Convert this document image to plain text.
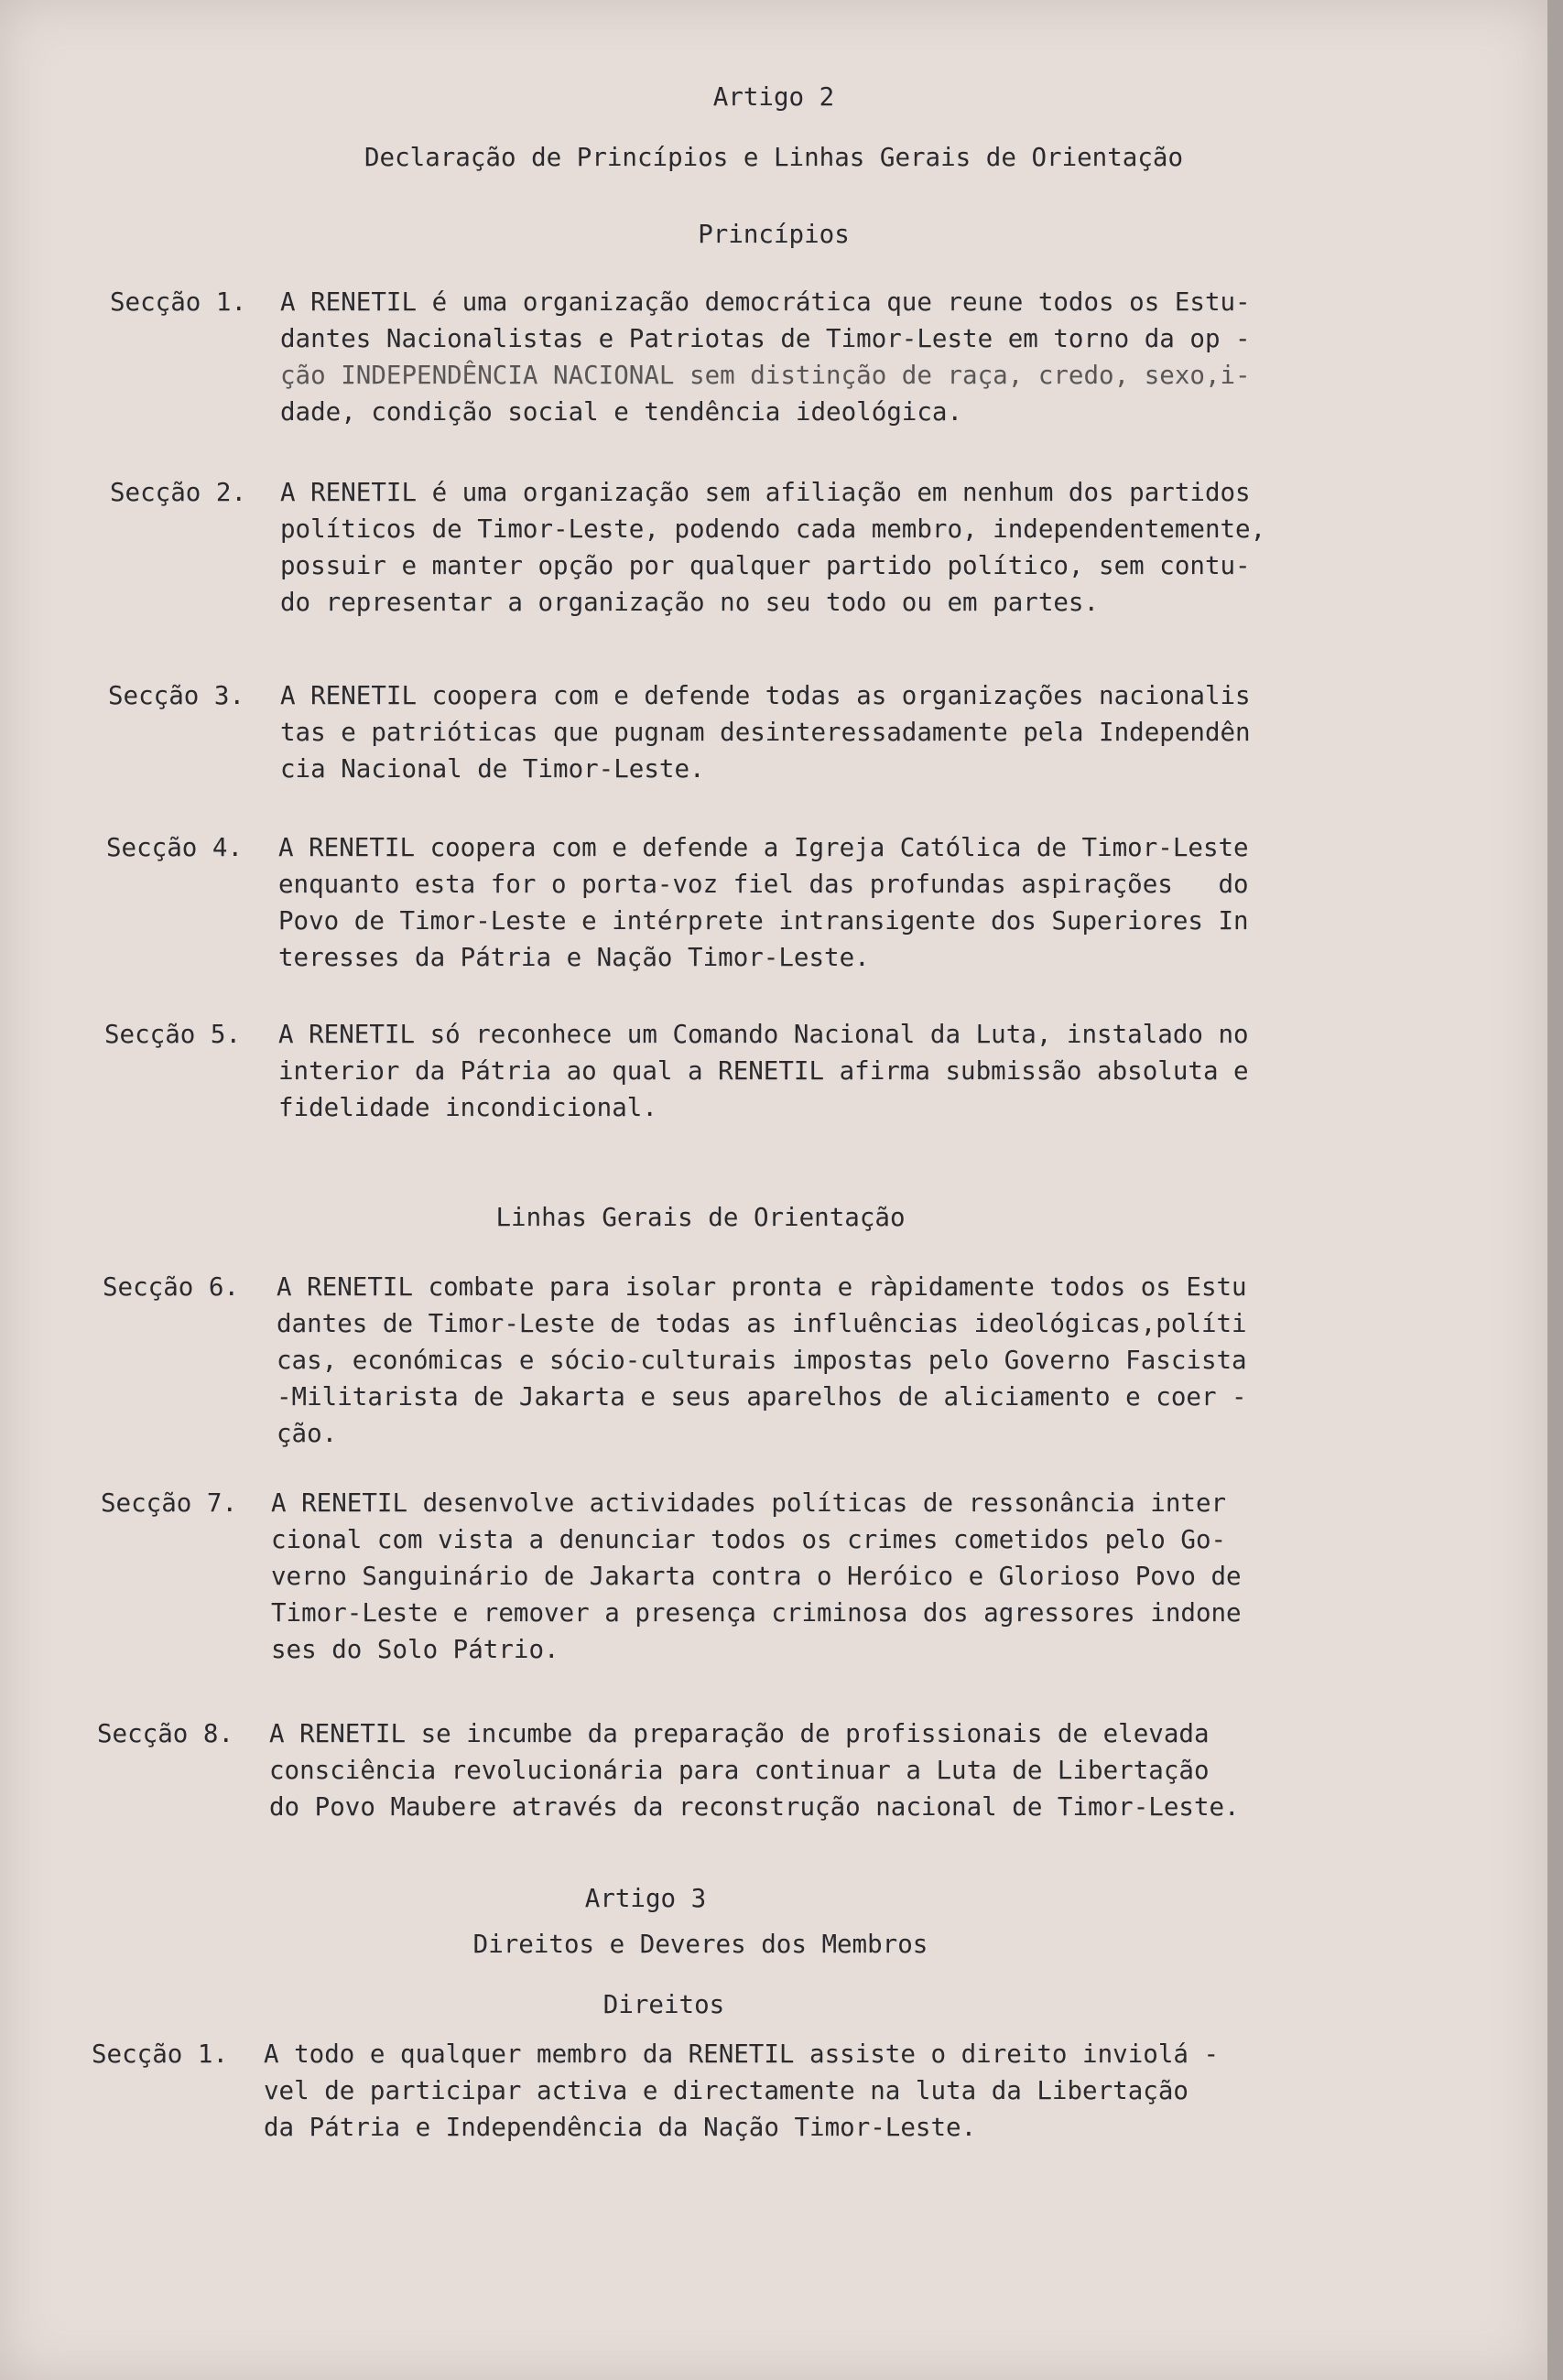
Artigo 2
Declaração de Princípios e Linhas Gerais de Orientação
Princípios
Secção 1. A RENETIL é uma organização democrática que reune todos os Estu-
dantes Nacionalistas e Patriotas de Timor-Leste em torno da op -
ção INDEPENDÊNCIA NACIONAL sem distinção de raça, credo, sexo,i-
dade, condição social e tendência ideológica.
Secção 2. A RENETIL é uma organização sem afiliação em nenhum dos partidos
políticos de Timor-Leste, podendo cada membro, independentemente,
possuir e manter opção por qualquer partido político, sem contu-
do representar a organização no seu todo ou em partes.
Secção 3. A RENETIL coopera com e defende todas as organizações nacionalis
tas e patrióticas que pugnam desinteressadamente pela Independên
cia Nacional de Timor-Leste.
Secção 4. A RENETIL coopera com e defende a Igreja Católica de Timor-Leste
enquanto esta for o porta-voz fiel das profundas aspirações   do
Povo de Timor-Leste e intérprete intransigente dos Superiores In
teresses da Pátria e Nação Timor-Leste.
Secção 5. A RENETIL só reconhece um Comando Nacional da Luta, instalado no
interior da Pátria ao qual a RENETIL afirma submissão absoluta e
fidelidade incondicional.
Linhas Gerais de Orientação
Secção 6. A RENETIL combate para isolar pronta e ràpidamente todos os Estu
dantes de Timor-Leste de todas as influências ideológicas,políti
cas, económicas e sócio-culturais impostas pelo Governo Fascista
-Militarista de Jakarta e seus aparelhos de aliciamento e coer -
ção.
Secção 7. A RENETIL desenvolve actividades políticas de ressonância inter
cional com vista a denunciar todos os crimes cometidos pelo Go-
verno Sanguinário de Jakarta contra o Heróico e Glorioso Povo de
Timor-Leste e remover a presença criminosa dos agressores indone
ses do Solo Pátrio.
Secção 8. A RENETIL se incumbe da preparação de profissionais de elevada
consciência revolucionária para continuar a Luta de Libertação
do Povo Maubere através da reconstrução nacional de Timor-Leste.
Artigo 3
Direitos e Deveres dos Membros
Direitos
Secção 1. A todo e qualquer membro da RENETIL assiste o direito inviolá -
vel de participar activa e directamente na luta da Libertação
da Pátria e Independência da Nação Timor-Leste.
